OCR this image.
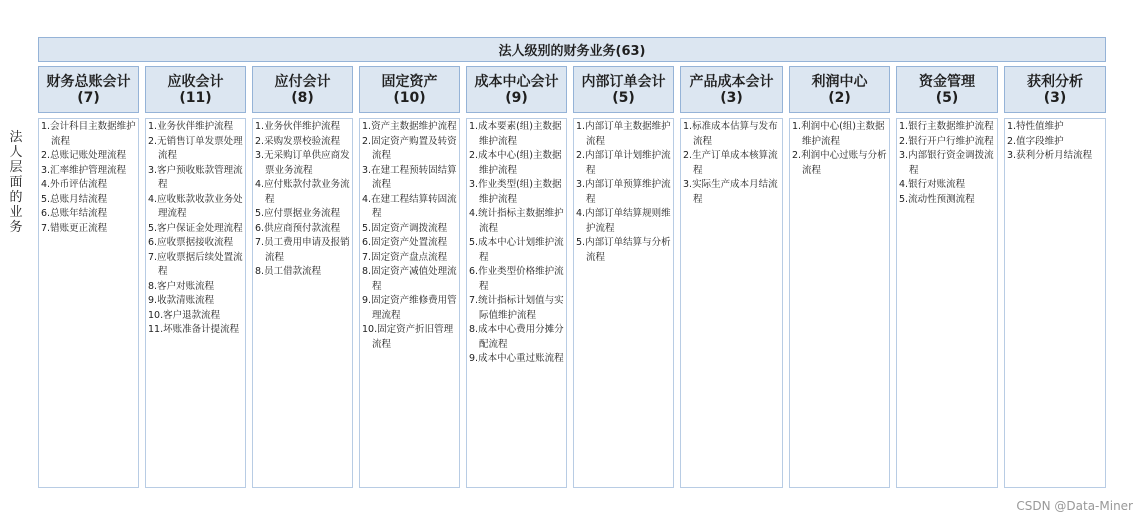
法人级别的财务业务(63)
法人层面的业务
财务总账会计
(7)
1.会计科目主数据维护流程
2.总账记账处理流程
3.汇率维护管理流程
4.外币评估流程
5.总账月结流程
6.总账年结流程
7.错账更正流程
应收会计
(11)
1.业务伙伴维护流程
2.无销售订单发票处理流程
3.客户预收账款管理流程
4.应收账款收款业务处理流程
5.客户保证金处理流程
6.应收票据接收流程
7.应收票据后续处置流程
8.客户对账流程
9.收款清账流程
10.客户退款流程
11.坏账准备计提流程
应付会计
(8)
1.业务伙伴维护流程
2.采购发票校验流程
3.无采购订单供应商发票业务流程
4.应付账款付款业务流程
5.应付票据业务流程
6.供应商预付款流程
7.员工费用申请及报销流程
8.员工借款流程
固定资产
(10)
1.资产主数据维护流程
2.固定资产购置及转资流程
3.在建工程预转固结算流程
4.在建工程结算转固流程
5.固定资产调拨流程
6.固定资产处置流程
7.固定资产盘点流程
8.固定资产减值处理流程
9.固定资产维修费用管理流程
10.固定资产折旧管理流程
成本中心会计
(9)
1.成本要素(组)主数据维护流程
2.成本中心(组)主数据维护流程
3.作业类型(组)主数据维护流程
4.统计指标主数据维护流程
5.成本中心计划维护流程
6.作业类型价格维护流程
7.统计指标计划值与实际值维护流程
8.成本中心费用分摊分配流程
9.成本中心重过账流程
内部订单会计
(5)
1.内部订单主数据维护流程
2.内部订单计划维护流程
3.内部订单预算维护流程
4.内部订单结算规则维护流程
5.内部订单结算与分析流程
产品成本会计
(3)
1.标准成本估算与发布流程
2.生产订单成本核算流程
3.实际生产成本月结流程
利润中心
(2)
1.利润中心(组)主数据维护流程
2.利润中心过账与分析流程
资金管理
(5)
1.银行主数据维护流程
2.银行开户行维护流程
3.内部银行资金调拨流程
4.银行对账流程
5.流动性预测流程
获利分析
(3)
1.特性值维护
2.值字段维护
3.获利分析月结流程
CSDN @Data-Miner
